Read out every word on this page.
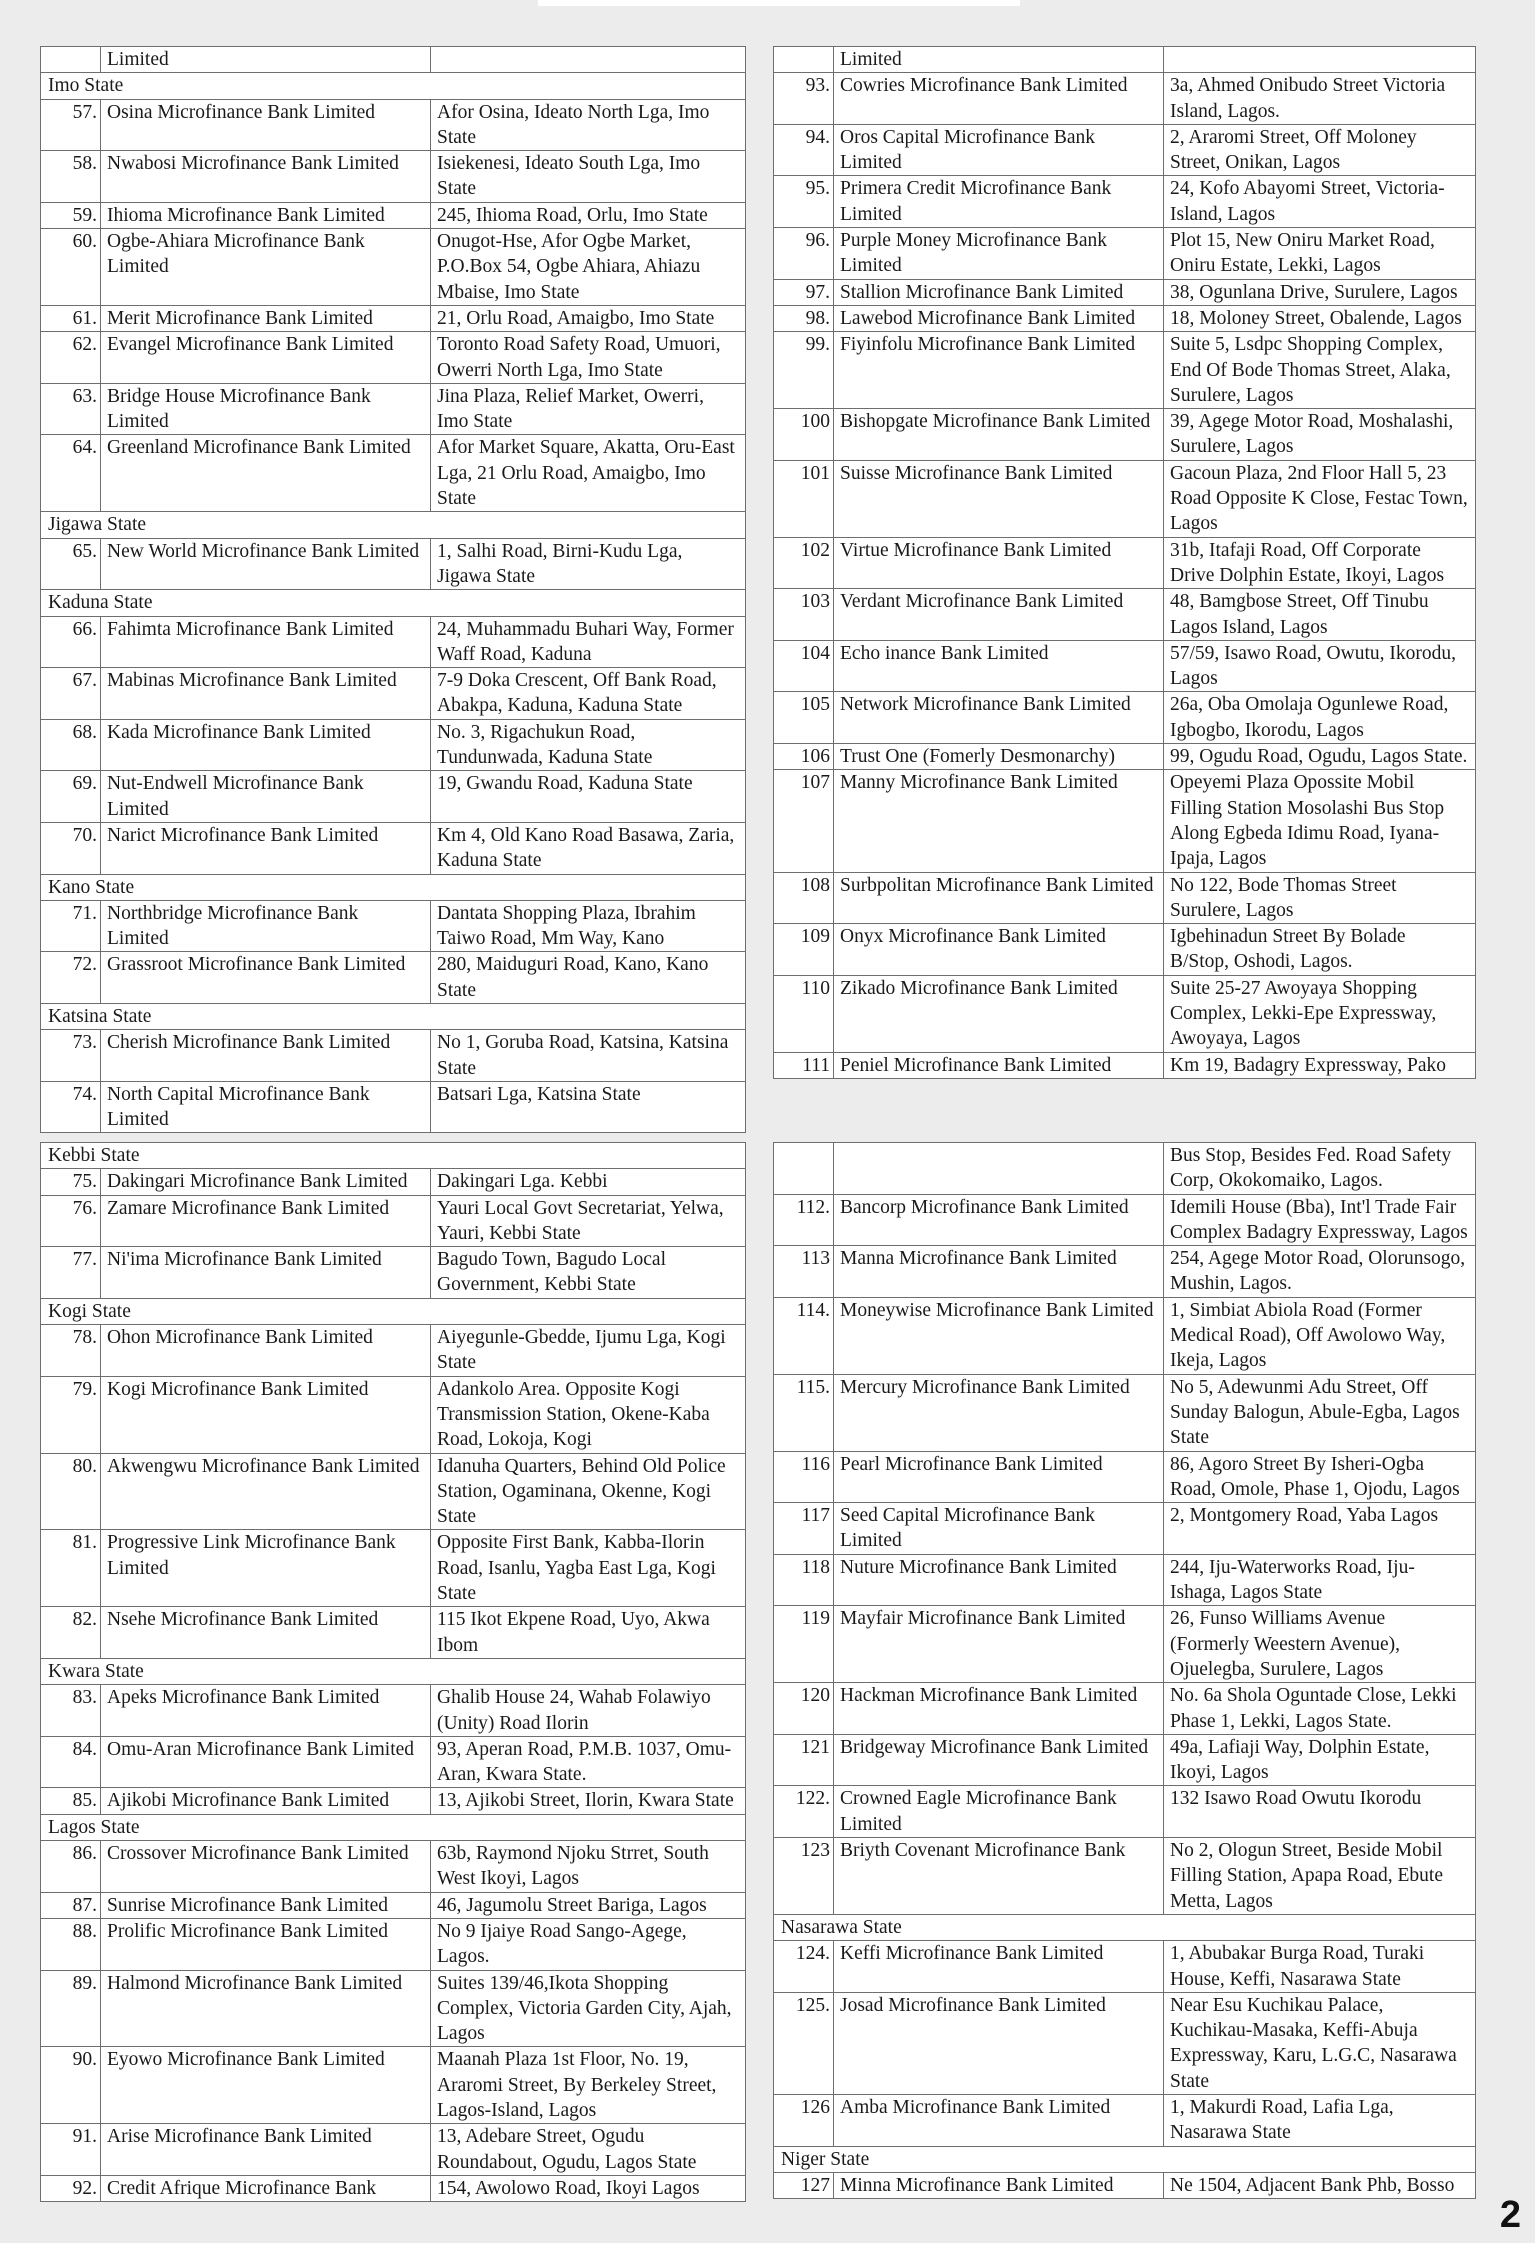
	Limited	
Imo State		
57.	Osina Microfinance Bank Limited	Afor Osina, Ideato North Lga, Imo State
58.	Nwabosi Microfinance Bank Limited	Isiekenesi, Ideato South Lga, Imo State
59.	Ihioma Microfinance Bank Limited	245, Ihioma Road, Orlu, Imo State
60.	Ogbe-Ahiara Microfinance Bank Limited	Onugot-Hse, Afor Ogbe Market, P.O.Box 54, Ogbe Ahiara, Ahiazu Mbaise, Imo State
61.	Merit Microfinance Bank Limited	21, Orlu Road, Amaigbo, Imo State
62.	Evangel Microfinance Bank Limited	Toronto Road Safety Road, Umuori, Owerri North Lga, Imo State
63.	Bridge House Microfinance Bank Limited	Jina Plaza, Relief Market, Owerri, Imo State
64.	Greenland Microfinance Bank Limited	Afor Market Square, Akatta, Oru-East Lga, 21 Orlu Road, Amaigbo, Imo State
Jigawa State		
65.	New World Microfinance Bank Limited	1, Salhi Road, Birni-Kudu Lga, Jigawa State
Kaduna State		
66.	Fahimta Microfinance Bank Limited	24, Muhammadu Buhari Way, Former Waff Road, Kaduna
67.	Mabinas Microfinance Bank Limited	7-9 Doka Crescent, Off Bank Road, Abakpa, Kaduna, Kaduna State
68.	Kada Microfinance Bank Limited	No. 3, Rigachukun Road, Tundunwada, Kaduna State
69.	Nut-Endwell Microfinance Bank Limited	19, Gwandu Road, Kaduna State
70.	Narict Microfinance Bank Limited	Km 4, Old Kano Road Basawa, Zaria, Kaduna State
Kano State		
71.	Northbridge Microfinance Bank Limited	Dantata Shopping Plaza, Ibrahim Taiwo Road, Mm Way, Kano
72.	Grassroot Microfinance Bank Limited	280, Maiduguri Road, Kano, Kano State
Katsina State		
73.	Cherish Microfinance Bank Limited	No 1, Goruba Road, Katsina, Katsina State
74.	North Capital Microfinance Bank Limited	Batsari Lga, Katsina State
	Limited	
93.	Cowries Microfinance Bank Limited	3a, Ahmed Onibudo Street Victoria Island, Lagos.
94.	Oros Capital Microfinance Bank Limited	2, Araromi Street, Off Moloney Street, Onikan, Lagos
95.	Primera Credit Microfinance Bank Limited	24, Kofo Abayomi Street, Victoria-Island, Lagos
96.	Purple Money Microfinance Bank Limited	Plot 15, New Oniru Market Road, Oniru Estate, Lekki, Lagos
97.	Stallion Microfinance Bank Limited	38, Ogunlana Drive, Surulere, Lagos
98.	Lawebod Microfinance Bank Limited	18, Moloney Street, Obalende, Lagos
99.	Fiyinfolu Microfinance Bank Limited	Suite 5, Lsdpc Shopping Complex, End Of Bode Thomas Street, Alaka, Surulere, Lagos
100	Bishopgate Microfinance Bank Limited	39, Agege Motor Road, Moshalashi, Surulere, Lagos
101	Suisse Microfinance Bank Limited	Gacoun Plaza, 2nd Floor Hall 5, 23 Road Opposite K Close, Festac Town, Lagos
102	Virtue Microfinance Bank Limited	31b, Itafaji Road, Off Corporate Drive Dolphin Estate, Ikoyi, Lagos
103	Verdant Microfinance Bank Limited	48, Bamgbose Street, Off Tinubu Lagos Island, Lagos
104	Echo inance Bank Limited	57/59, Isawo Road, Owutu, Ikorodu, Lagos
105	Network Microfinance Bank Limited	26a, Oba Omolaja Ogunlewe Road, Igbogbo, Ikorodu, Lagos
106	Trust One (Fomerly Desmonarchy)	99, Ogudu Road, Ogudu, Lagos State.
107	Manny Microfinance Bank Limited	Opeyemi Plaza Opossite Mobil Filling Station Mosolashi Bus Stop Along Egbeda Idimu Road, Iyana-Ipaja, Lagos
108	Surbpolitan Microfinance Bank Limited	No 122, Bode Thomas Street Surulere, Lagos
109	Onyx Microfinance Bank Limited	Igbehinadun Street By Bolade B/Stop, Oshodi, Lagos.
110	Zikado Microfinance Bank Limited	Suite 25-27 Awoyaya Shopping Complex, Lekki-Epe Expressway, Awoyaya, Lagos
111	Peniel Microfinance Bank Limited	Km 19, Badagry Expressway, Pako
Kebbi State		
75.	Dakingari Microfinance Bank Limited	Dakingari Lga. Kebbi
76.	Zamare Microfinance Bank Limited	Yauri Local Govt Secretariat, Yelwa, Yauri, Kebbi State
77.	Ni'ima Microfinance Bank Limited	Bagudo Town, Bagudo Local Government, Kebbi State
Kogi State		
78.	Ohon Microfinance Bank Limited	Aiyegunle-Gbedde, Ijumu Lga, Kogi State
79.	Kogi Microfinance Bank Limited	Adankolo Area. Opposite Kogi Transmission Station, Okene-Kaba Road, Lokoja, Kogi
80.	Akwengwu Microfinance Bank Limited	Idanuha Quarters, Behind Old Police Station, Ogaminana, Okenne, Kogi State
81.	Progressive Link Microfinance Bank Limited	Opposite First Bank, Kabba-Ilorin Road, Isanlu, Yagba East Lga, Kogi State
82.	Nsehe Microfinance Bank Limited	115 Ikot Ekpene Road, Uyo, Akwa Ibom
Kwara State		
83.	Apeks Microfinance Bank Limited	Ghalib House 24, Wahab Folawiyo (Unity) Road Ilorin
84.	Omu-Aran Microfinance Bank Limited	93, Aperan Road, P.M.B. 1037, Omu-Aran, Kwara State.
85.	Ajikobi Microfinance Bank Limited	13, Ajikobi Street, Ilorin, Kwara State
Lagos State		
86.	Crossover Microfinance Bank Limited	63b, Raymond Njoku Strret, South West Ikoyi, Lagos
87.	Sunrise Microfinance Bank Limited	46, Jagumolu Street Bariga, Lagos
88.	Prolific Microfinance Bank Limited	No 9 Ijaiye Road Sango-Agege, Lagos.
89.	Halmond Microfinance Bank Limited	Suites 139/46,Ikota Shopping Complex, Victoria Garden City, Ajah, Lagos
90.	Eyowo Microfinance Bank Limited	Maanah Plaza 1st Floor, No. 19, Araromi Street, By Berkeley Street, Lagos-Island, Lagos
91.	Arise Microfinance Bank Limited	13, Adebare Street, Ogudu Roundabout, Ogudu, Lagos State
92.	Credit Afrique Microfinance Bank	154, Awolowo Road, Ikoyi Lagos
		Bus Stop, Besides Fed. Road Safety Corp, Okokomaiko, Lagos.
112.	Bancorp Microfinance Bank Limited	Idemili House (Bba), Int'l Trade Fair Complex Badagry Expressway, Lagos
113	Manna Microfinance Bank Limited	254, Agege Motor Road, Olorunsogo, Mushin, Lagos.
114.	Moneywise Microfinance Bank Limited	1, Simbiat Abiola Road (Former Medical Road), Off Awolowo Way, Ikeja, Lagos
115.	Mercury Microfinance Bank Limited	No 5, Adewunmi Adu Street, Off Sunday Balogun, Abule-Egba, Lagos State
116	Pearl Microfinance Bank Limited	86, Agoro Street By Isheri-Ogba Road, Omole, Phase 1, Ojodu, Lagos
117	Seed Capital Microfinance Bank Limited	2, Montgomery Road, Yaba Lagos
118	Nuture Microfinance Bank Limited	244, Iju-Waterworks Road, Iju-Ishaga, Lagos State
119	Mayfair Microfinance Bank Limited	26, Funso Williams Avenue (Formerly Weestern Avenue), Ojuelegba, Surulere, Lagos
120	Hackman Microfinance Bank Limited	No. 6a Shola Oguntade Close, Lekki Phase 1, Lekki, Lagos State.
121	Bridgeway Microfinance Bank Limited	49a, Lafiaji Way, Dolphin Estate, Ikoyi, Lagos
122.	Crowned Eagle Microfinance Bank Limited	132 Isawo Road Owutu Ikorodu
123	Briyth Covenant Microfinance Bank	No 2, Ologun Street, Beside Mobil Filling Station, Apapa Road, Ebute Metta, Lagos
Nasarawa State		
124.	Keffi Microfinance Bank Limited	1, Abubakar Burga Road, Turaki House, Keffi, Nasarawa State
125.	Josad Microfinance Bank Limited	Near Esu Kuchikau Palace, Kuchikau-Masaka, Keffi-Abuja Expressway, Karu, L.G.C, Nasarawa State
126	Amba Microfinance Bank Limited	1, Makurdi Road, Lafia Lga, Nasarawa State
Niger State		
127	Minna Microfinance Bank Limited	Ne 1504, Adjacent Bank Phb, Bosso
2
